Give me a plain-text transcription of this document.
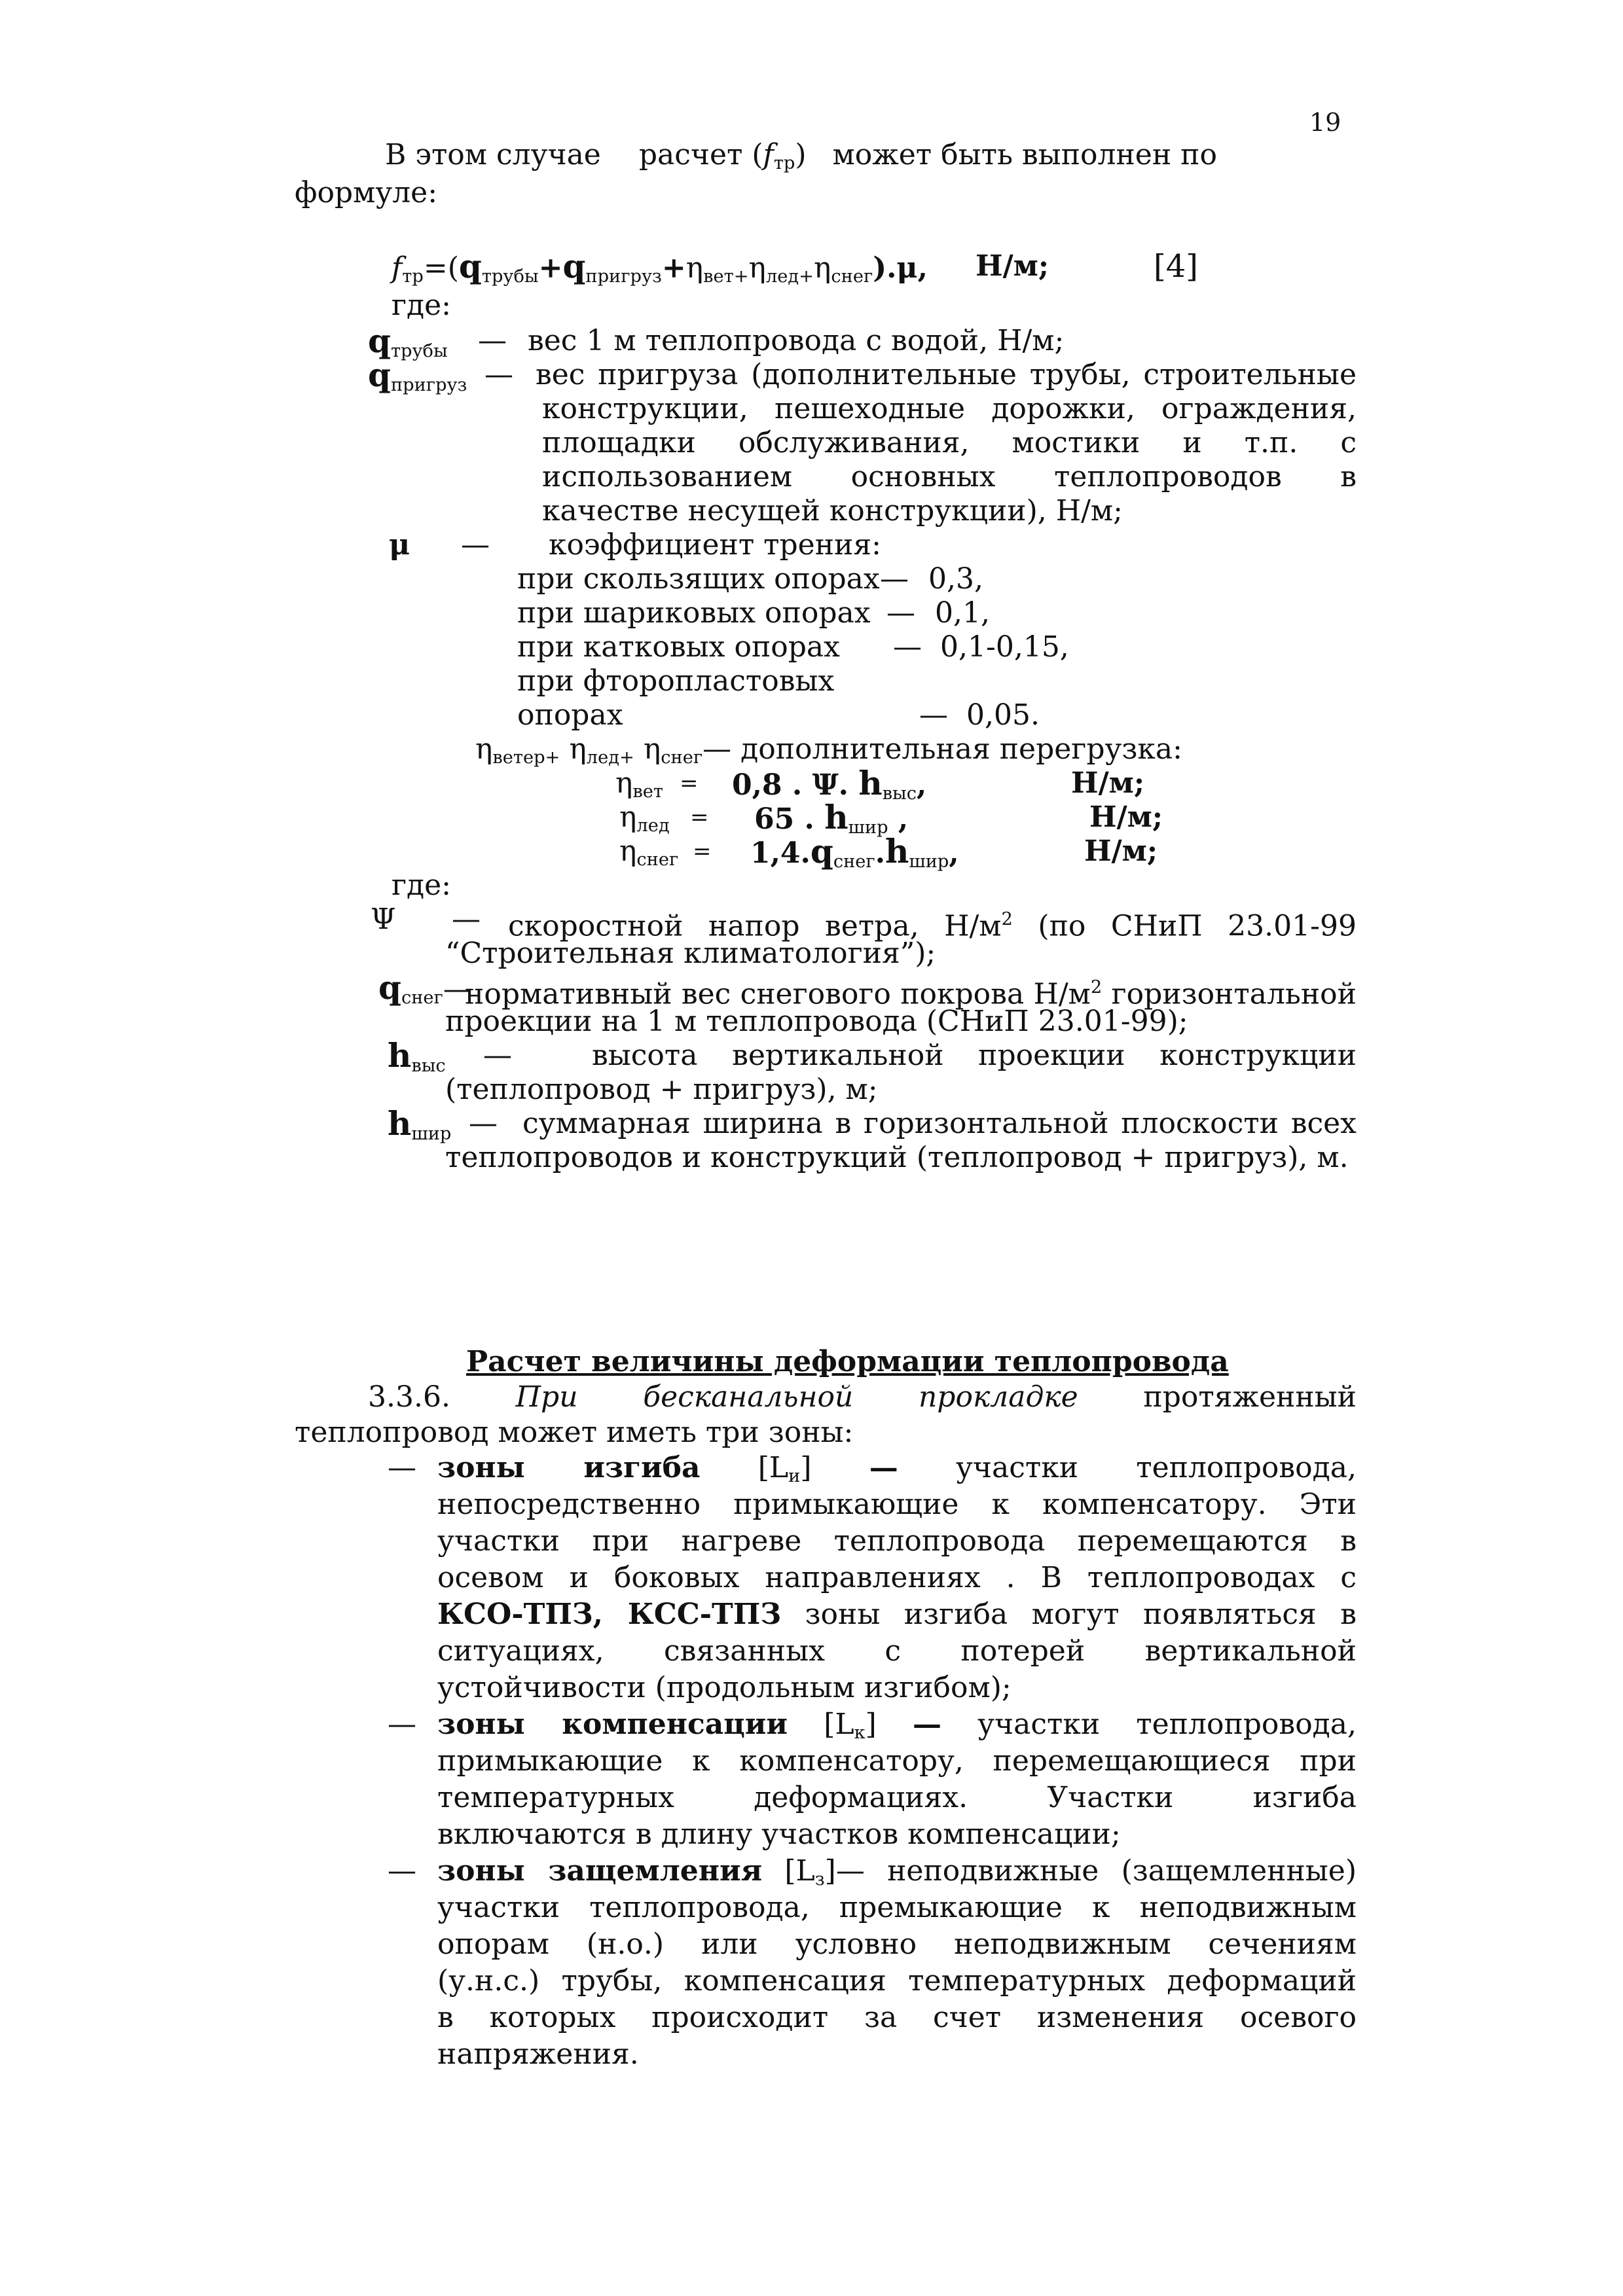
19
В этом случае расчет $(f_{тр})$ может быть выполнен по
формуле:
$f_{тр}=(q_{трубы}+q_{пригруз}+\eta_{вет+}\eta_{лед+}\eta_{снег}).\mu$, Н/м;	[4]
где:
$q_{трубы}$ — вес 1 м теплопровода с водой, Н/м;
$q_{пригруз}$ — вес пригруза (дополнительные трубы, строительные
конструкции, пешеходные дорожки, ограждения,
площадки обслуживания, мостики и т.п. с
использованием основных теплопроводов в
качестве несущей конструкции), Н/м;
μ — коэффициент трения:
при скользящих опорах — 0,3,
при шариковых опорах — 0,1,
при катковых опорах — 0,1-0,15,
при фторопластовых
опорах	— 0,05.
$\eta_{ветер+}$ $\eta_{лед+}$ $\eta_{снег}—$ дополнительная перегрузка:
$\eta_{вет} = 0,8$ . Ψ. $h_{выс}$,	Н/м;
$\eta_{лед} = 65$ . $h_{шир}$ ,	Н/м;
$\eta_{снег} = 1,4.q_{снег}.h_{шир}$,	Н/м;
где:
Ψ — скоростной напор ветра, $Н/м^2$ (по СНиП 23.01-99
“Строительная климатология”);
$q_{снег}—$
нормативный вес снегового покрова $Н/м^2$ горизонтальной
проекции на 1 м теплопровода (СНиП 23.01-99);
$h_{выс}$ —	высота вертикальной проекции конструкции
(теплопровод + пригруз), м;
$h_{шир}$ — суммарная ширина в горизонтальной плоскости всех
теплопроводов и конструкций (теплопровод + пригруз), м.
Расчет величины деформации теплопровода
3.3.6. При бесканальной прокладке протяженный
теплопровод может иметь три зоны:
— зоны изгиба $[L_и]$ — участки теплопровода,
непосредственно примыкающие к компенсатору. Эти
участки при нагреве теплопровода перемещаются в
осевом и боковых направлениях . В теплопроводах с
КСО-ТПЗ, КСС-ТПЗ зоны изгиба могут появляться в
ситуациях, связанных с потерей вертикальной
устойчивости (продольным изгибом);
— зоны компенсации $[L_к]$ — участки теплопровода,
примыкающие к компенсатору, перемещающиеся при
температурных деформациях. Участки изгиба
включаются в длину участков компенсации;
— зоны защемления $[L_з]—$ неподвижные (защемленные)
участки теплопровода, премыкающие к неподвижным
опорам (н.о.) или условно неподвижным сечениям
(у.н.с.) трубы, компенсация температурных деформаций
в которых происходит за счет изменения осевого
напряжения.
